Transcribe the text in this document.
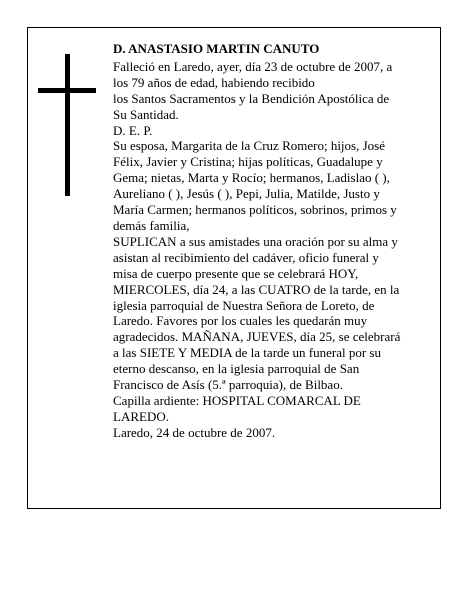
D. ANASTASIO MARTIN CANUTO
Falleció en Laredo, ayer, día 23 de octubre de 2007, a
los 79 años de edad, habiendo recibido
los Santos Sacramentos y la Bendición Apostólica de
Su Santidad.
D. E. P.
Su esposa, Margarita de la Cruz Romero; hijos, José
Félix, Javier y Cristina; hijas políticas, Guadalupe y
Gema; nietas, Marta y Rocío; hermanos, Ladislao ( ),
Aureliano ( ), Jesús ( ), Pepi, Julia, Matilde, Justo y
María Carmen; hermanos políticos, sobrinos, primos y
demás familia,
SUPLICAN a sus amistades una oración por su alma y
asistan al recibimiento del cadáver, oficio funeral y
misa de cuerpo presente que se celebrará HOY,
MIERCOLES, día 24, a las CUATRO de la tarde, en la
iglesia parroquial de Nuestra Señora de Loreto, de
Laredo. Favores por los cuales les quedarán muy
agradecidos. MAÑANA, JUEVES, día 25, se celebrará
a las SIETE Y MEDIA de la tarde un funeral por su
eterno descanso, en la iglesia parroquial de San
Francisco de Asís (5.ª parroquia), de Bilbao.
Capilla ardiente: HOSPITAL COMARCAL DE
LAREDO.
Laredo, 24 de octubre de 2007.
